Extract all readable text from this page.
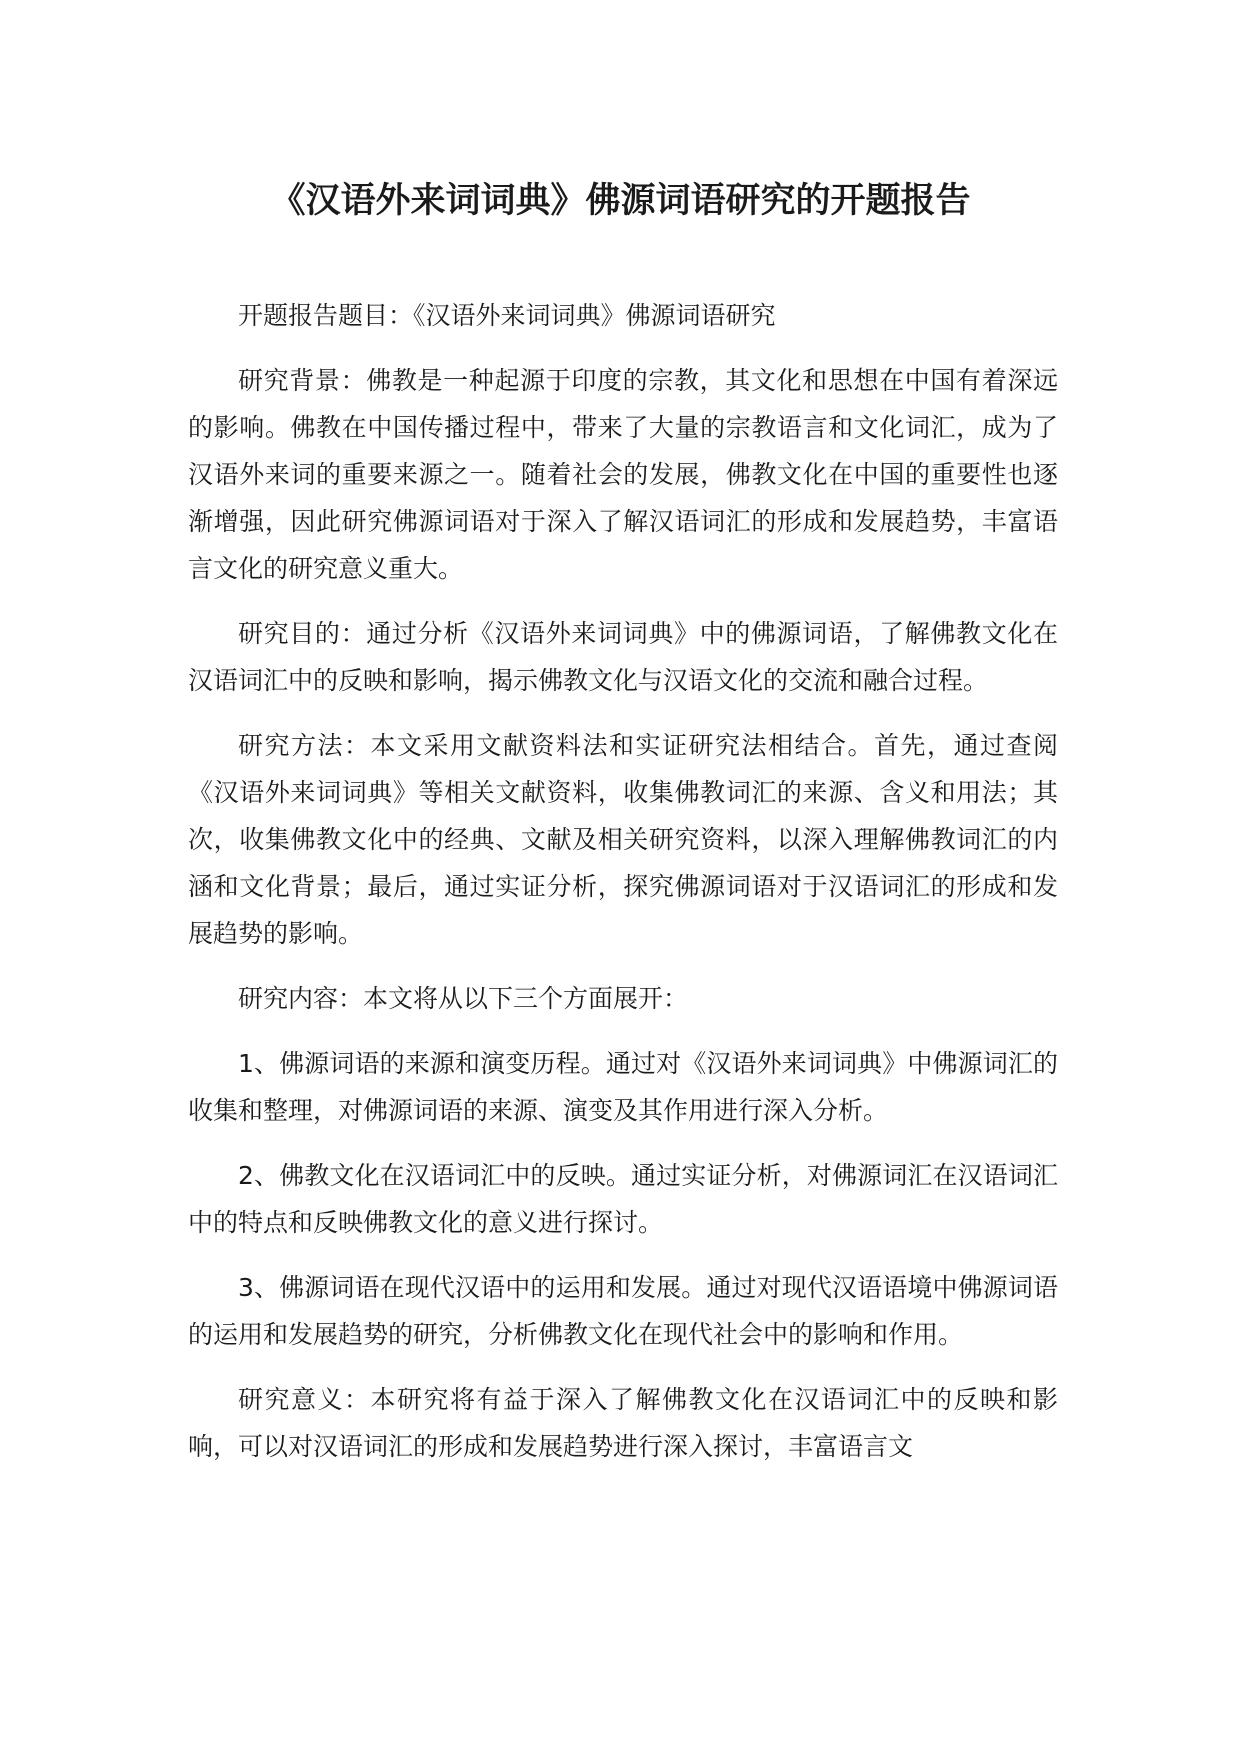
《汉语外来词词典》佛源词语研究的开题报告

开题报告题目：《汉语外来词词典》佛源词语研究

研究背景：佛教是一种起源于印度的宗教，其文化和思想在中国有着深远的影响。佛教在中国传播过程中，带来了大量的宗教语言和文化词汇，成为了汉语外来词的重要来源之一。随着社会的发展，佛教文化在中国的重要性也逐渐增强，因此研究佛源词语对于深入了解汉语词汇的形成和发展趋势，丰富语言文化的研究意义重大。

研究目的：通过分析《汉语外来词词典》中的佛源词语，了解佛教文化在汉语词汇中的反映和影响，揭示佛教文化与汉语文化的交流和融合过程。

研究方法：本文采用文献资料法和实证研究法相结合。首先，通过查阅《汉语外来词词典》等相关文献资料，收集佛教词汇的来源、含义和用法；其次，收集佛教文化中的经典、文献及相关研究资料，以深入理解佛教词汇的内涵和文化背景；最后，通过实证分析，探究佛源词语对于汉语词汇的形成和发展趋势的影响。

研究内容：本文将从以下三个方面展开：

1、佛源词语的来源和演变历程。通过对《汉语外来词词典》中佛源词汇的收集和整理，对佛源词语的来源、演变及其作用进行深入分析。

2、佛教文化在汉语词汇中的反映。通过实证分析，对佛源词汇在汉语词汇中的特点和反映佛教文化的意义进行探讨。

3、佛源词语在现代汉语中的运用和发展。通过对现代汉语语境中佛源词语的运用和发展趋势的研究，分析佛教文化在现代社会中的影响和作用。

研究意义：本研究将有益于深入了解佛教文化在汉语词汇中的反映和影响，可以对汉语词汇的形成和发展趋势进行深入探讨，丰富语言文
